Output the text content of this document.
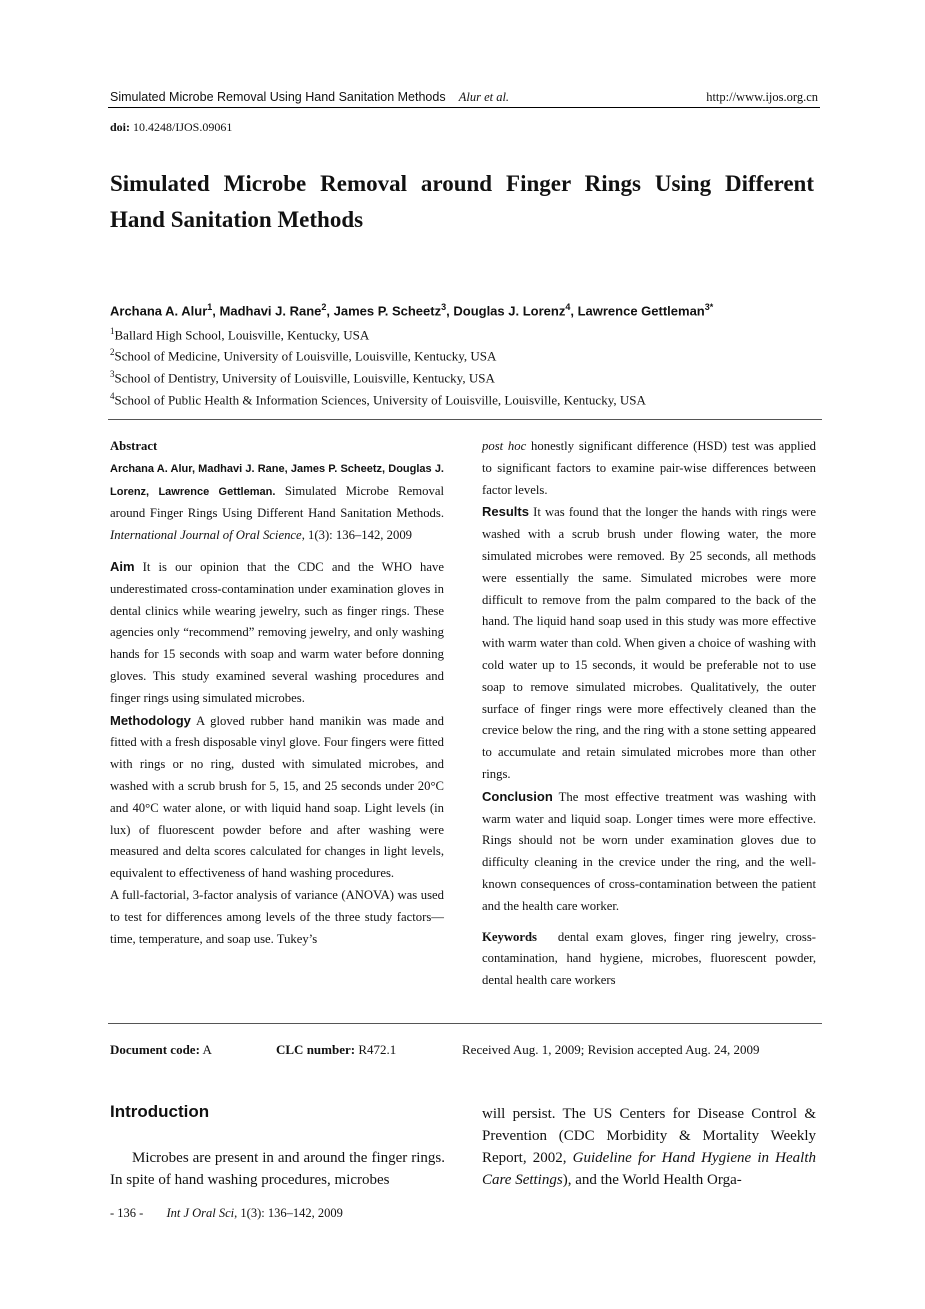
Simulated Microbe Removal Using Hand Sanitation Methods Alur et al.	http://www.ijos.org.cn
doi: 10.4248/IJOS.09061
Simulated Microbe Removal around Finger Rings Using Different Hand Sanitation Methods
Archana A. Alur$^1$, Madhavi J. Rane$^2$, James P. Scheetz$^3$, Douglas J. Lorenz$^4$, Lawrence Gettleman$^{3*}$
$^1$Ballard High School, Louisville, Kentucky, USA
$^2$School of Medicine, University of Louisville, Louisville, Kentucky, USA
$^3$School of Dentistry, University of Louisville, Louisville, Kentucky, USA
$^4$School of Public Health & Information Sciences, University of Louisville, Louisville, Kentucky, USA

Abstract

Archana A. Alur, Madhavi J. Rane, James P. Scheetz, Douglas J. Lorenz, Lawrence Gettleman. Simulated Microbe Removal around Finger Rings Using Different Hand Sanitation Methods. International Journal of Oral Science, 1(3): 136–142, 2009

Aim It is our opinion that the CDC and the WHO have underestimated cross-contamination under examination gloves in dental clinics while wearing jewelry, such as finger rings. These agencies only “recommend” removing jewelry, and only washing hands for 15 seconds with soap and warm water before donning gloves. This study examined several washing procedures and finger rings using simulated microbes.

Methodology A gloved rubber hand manikin was made and fitted with a fresh disposable vinyl glove. Four fingers were fitted with rings or no ring, dusted with simulated microbes, and washed with a scrub brush for 5, 15, and 25 seconds under 20°C and 40°C water alone, or with liquid hand soap. Light levels (in lux) of fluorescent powder before and after washing were measured and delta scores calculated for changes in light levels, equivalent to effectiveness of hand washing procedures.

A full-factorial, 3-factor analysis of variance (ANOVA) was used to test for differences among levels of the three study factors—time, temperature, and soap use. Tukey’s

post hoc honestly significant difference (HSD) test was applied to significant factors to examine pair-wise differences between factor levels.

Results It was found that the longer the hands with rings were washed with a scrub brush under flowing water, the more simulated microbes were removed. By 25 seconds, all methods were essentially the same. Simulated microbes were more difficult to remove from the palm compared to the back of the hand. The liquid hand soap used in this study was more effective with warm water than cold. When given a choice of washing with cold water up to 15 seconds, it would be preferable not to use soap to remove simulated microbes. Qualitatively, the outer surface of finger rings were more effectively cleaned than the crevice below the ring, and the ring with a stone setting appeared to accumulate and retain simulated microbes more than other rings.

Conclusion The most effective treatment was washing with warm water and liquid soap. Longer times were more effective. Rings should not be worn under examination gloves due to difficulty cleaning in the crevice under the ring, and the well-known consequences of cross-contamination between the patient and the health care worker.

Keywords dental exam gloves, finger ring jewelry, cross-contamination, hand hygiene, microbes, fluorescent powder, dental health care workers

Document code: A	CLC number: R472.1	Received Aug. 1, 2009; Revision accepted Aug. 24, 2009
Introduction
Microbes are present in and around the finger rings. In spite of hand washing procedures, microbes
will persist. The US Centers for Disease Control & Prevention (CDC Morbidity & Mortality Weekly Report, 2002, Guideline for Hand Hygiene in Health Care Settings), and the World Health Orga-
- 136 - Int J Oral Sci, 1(3): 136–142, 2009
